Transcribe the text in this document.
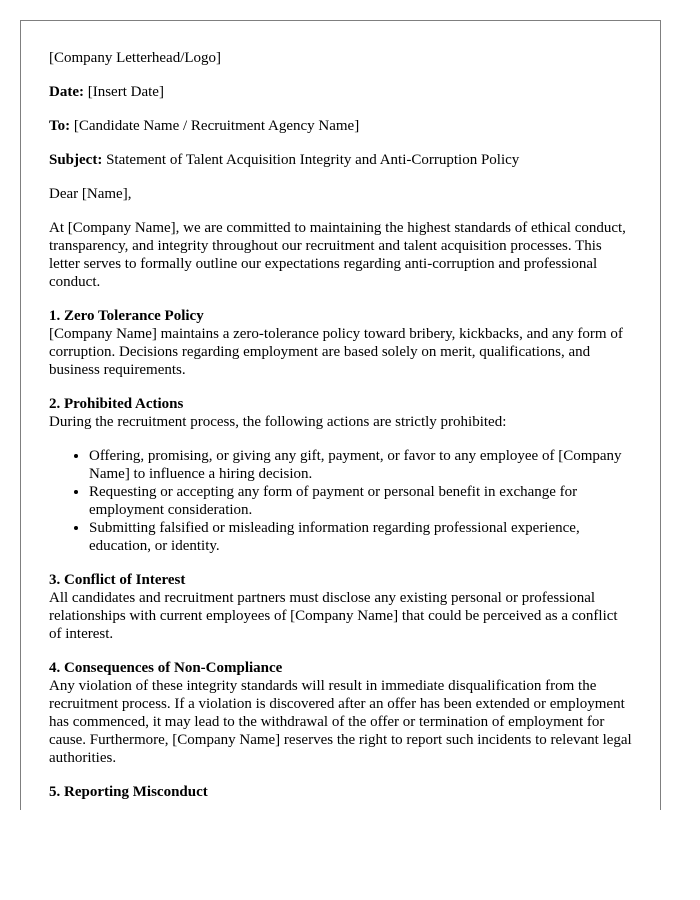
[Company Letterhead/Logo]

Date: [Insert Date]

To: [Candidate Name / Recruitment Agency Name]

Subject: Statement of Talent Acquisition Integrity and Anti-Corruption Policy

Dear [Name],

At [Company Name], we are committed to maintaining the highest standards of ethical conduct, transparency, and integrity throughout our recruitment and talent acquisition processes. This letter serves to formally outline our expectations regarding anti-corruption and professional conduct.

1. Zero Tolerance Policy
[Company Name] maintains a zero-tolerance policy toward bribery, kickbacks, and any form of corruption. Decisions regarding employment are based solely on merit, qualifications, and business requirements.
2. Prohibited Actions
During the recruitment process, the following actions are strictly prohibited:
• Offering, promising, or giving any gift, payment, or favor to any employee of [Company Name] to influence a hiring decision.
• Requesting or accepting any form of payment or personal benefit in exchange for employment consideration.
• Submitting falsified or misleading information regarding professional experience, education, or identity.
3. Conflict of Interest
All candidates and recruitment partners must disclose any existing personal or professional relationships with current employees of [Company Name] that could be perceived as a conflict of interest.
4. Consequences of Non-Compliance
Any violation of these integrity standards will result in immediate disqualification from the recruitment process. If a violation is discovered after an offer has been extended or employment has commenced, it may lead to the withdrawal of the offer or termination of employment for cause. Furthermore, [Company Name] reserves the right to report such incidents to relevant legal authorities.
5. Reporting Misconduct
